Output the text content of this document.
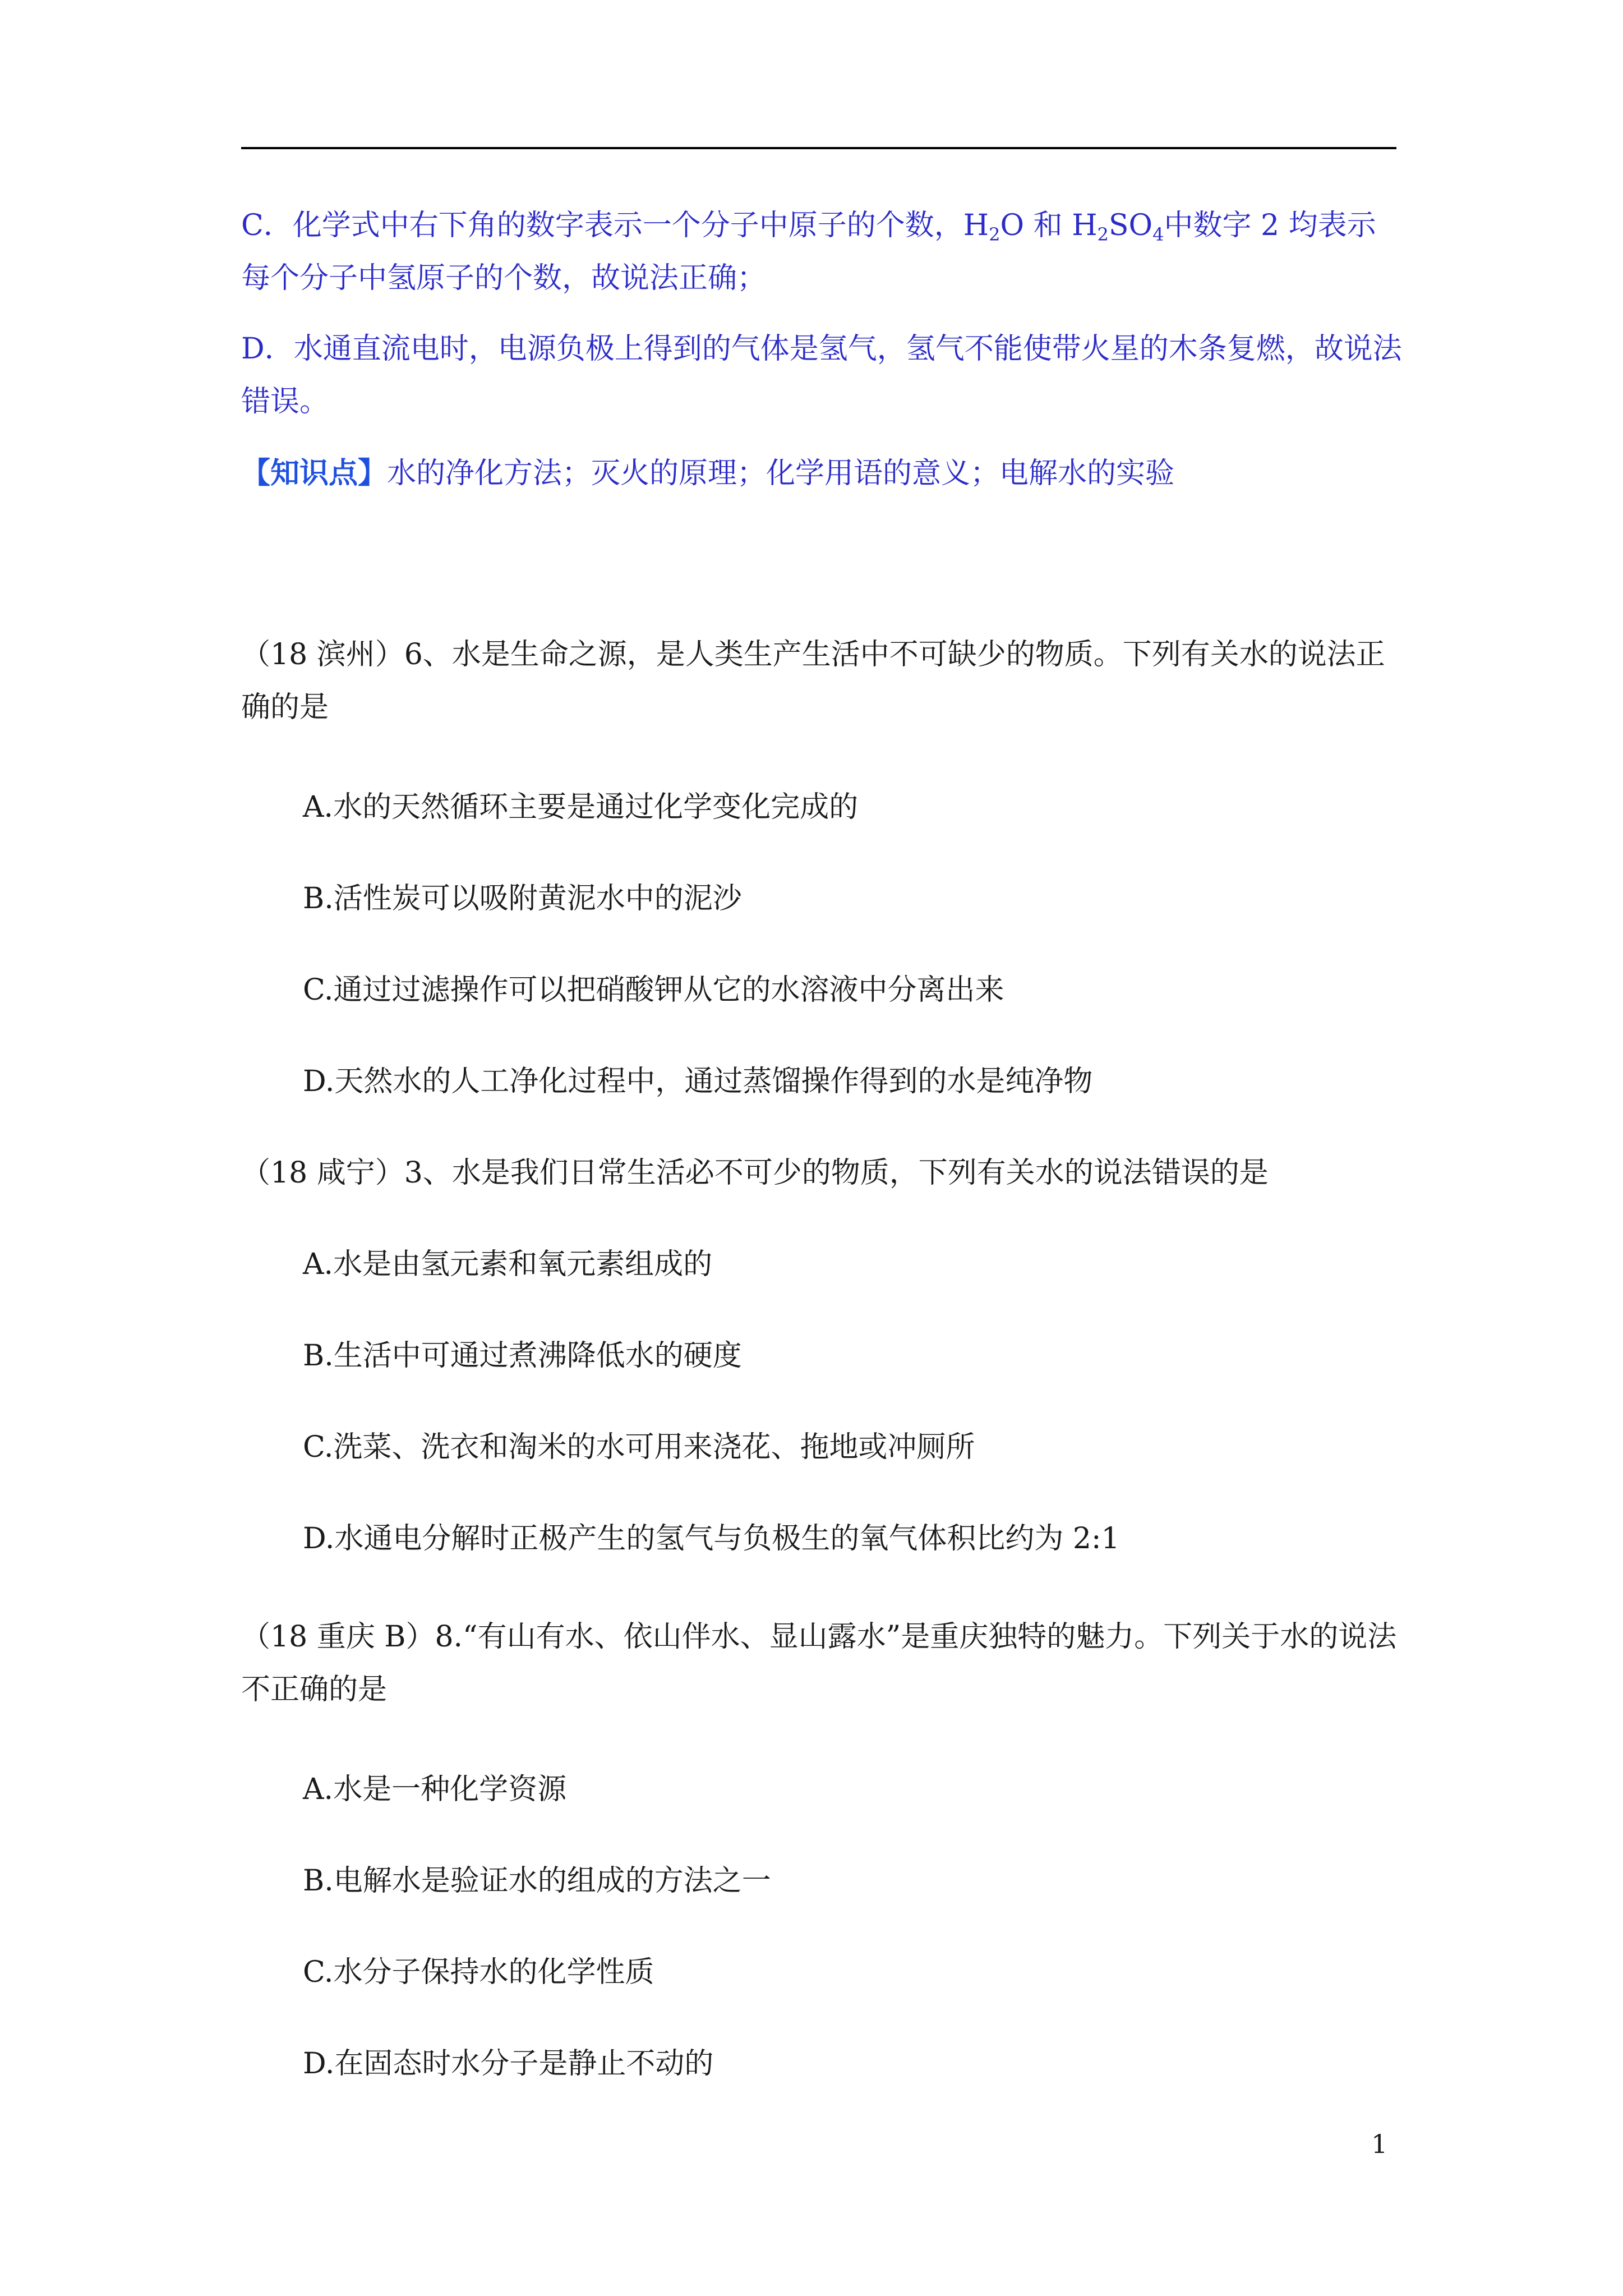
C．化学式中右下角的数字表示一个分子中原子的个数，$H_2O$ 和 $H_2SO_4$中数字 2 均表示每个分子中氢原子的个数，故说法正确；

D．水通直流电时，电源负极上得到的气体是氢气，氢气不能使带火星的木条复燃，故说法错误。

【知识点】水的净化方法；灭火的原理；化学用语的意义；电解水的实验

（18 滨州）6、水是生命之源，是人类生产生活中不可缺少的物质。下列有关水的说法正确的是

A.水的天然循环主要是通过化学变化完成的

B.活性炭可以吸附黄泥水中的泥沙

C.通过过滤操作可以把硝酸钾从它的水溶液中分离出来

D.天然水的人工净化过程中，通过蒸馏操作得到的水是纯净物

（18 咸宁）3、水是我们日常生活必不可少的物质，下列有关水的说法错误的是

A.水是由氢元素和氧元素组成的

B.生活中可通过煮沸降低水的硬度

C.洗菜、洗衣和淘米的水可用来浇花、拖地或冲厕所

D.水通电分解时正极产生的氢气与负极生的氧气体积比约为 2:1

（18 重庆 B）8.“有山有水、依山伴水、显山露水”是重庆独特的魅力。下列关于水的说法不正确的是

A.水是一种化学资源

B.电解水是验证水的组成的方法之一

C.水分子保持水的化学性质

D.在固态时水分子是静止不动的

1
